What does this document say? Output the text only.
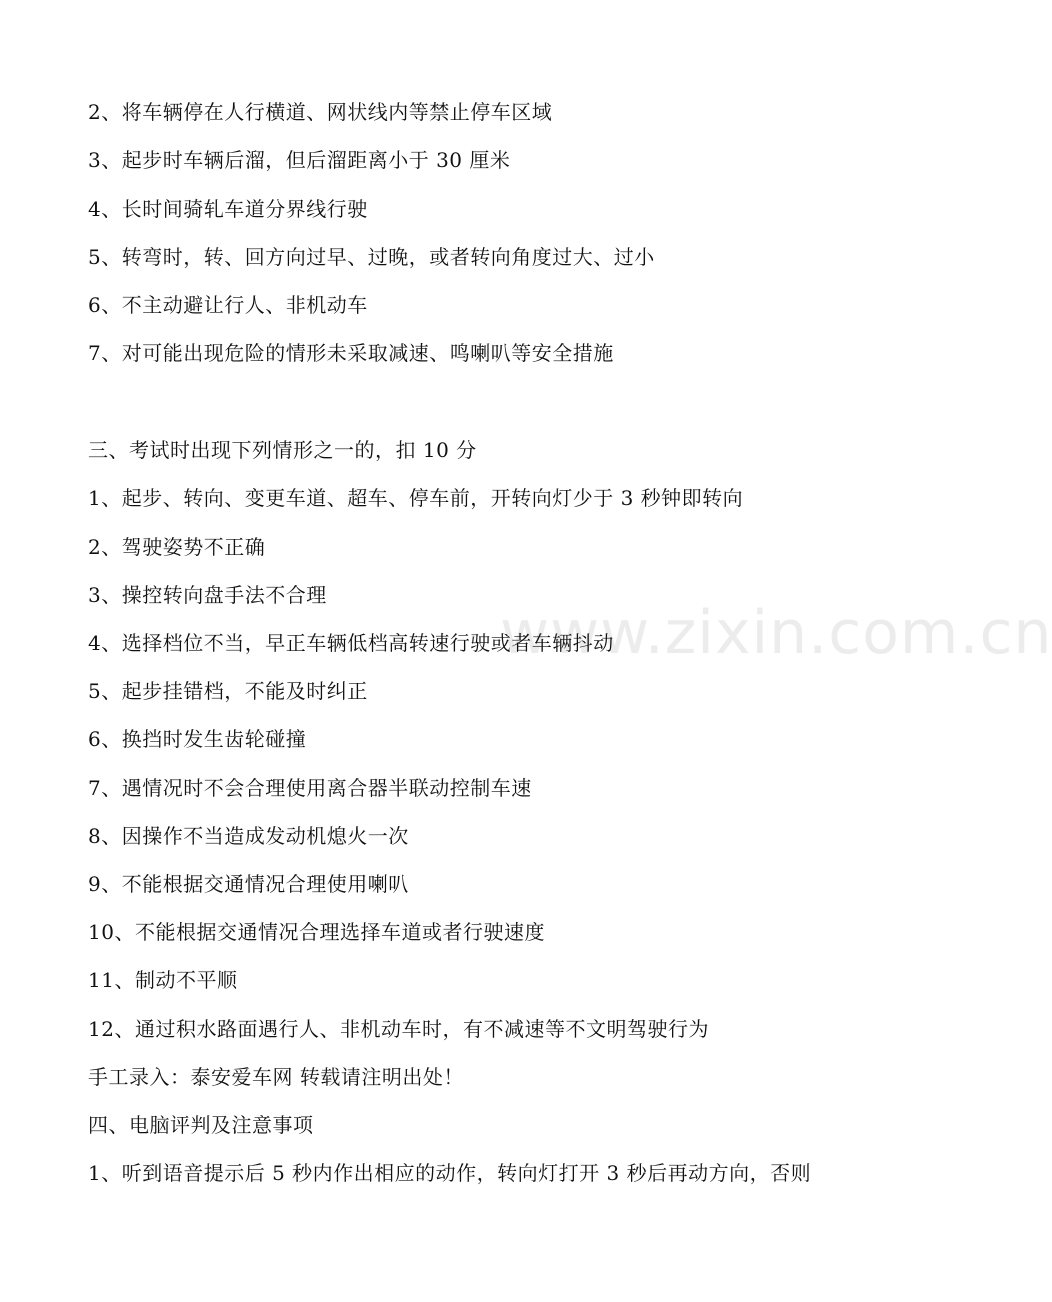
www.zixin.com.cn
2、将车辆停在人行横道、网状线内等禁止停车区域
3、起步时车辆后溜，但后溜距离小于 30 厘米
4、长时间骑轧车道分界线行驶
5、转弯时，转、回方向过早、过晚，或者转向角度过大、过小
6、不主动避让行人、非机动车
7、对可能出现危险的情形未采取减速、鸣喇叭等安全措施
三、考试时出现下列情形之一的，扣 10 分
1、起步、转向、变更车道、超车、停车前，开转向灯少于 3 秒钟即转向
2、驾驶姿势不正确
3、操控转向盘手法不合理
4、选择档位不当，早正车辆低档高转速行驶或者车辆抖动
5、起步挂错档，不能及时纠正
6、换挡时发生齿轮碰撞
7、遇情况时不会合理使用离合器半联动控制车速
8、因操作不当造成发动机熄火一次
9、不能根据交通情况合理使用喇叭
10、不能根据交通情况合理选择车道或者行驶速度
11、制动不平顺
12、通过积水路面遇行人、非机动车时，有不减速等不文明驾驶行为
手工录入：泰安爱车网 转载请注明出处！
四、电脑评判及注意事项
1、听到语音提示后 5 秒内作出相应的动作，转向灯打开 3 秒后再动方向，否则
